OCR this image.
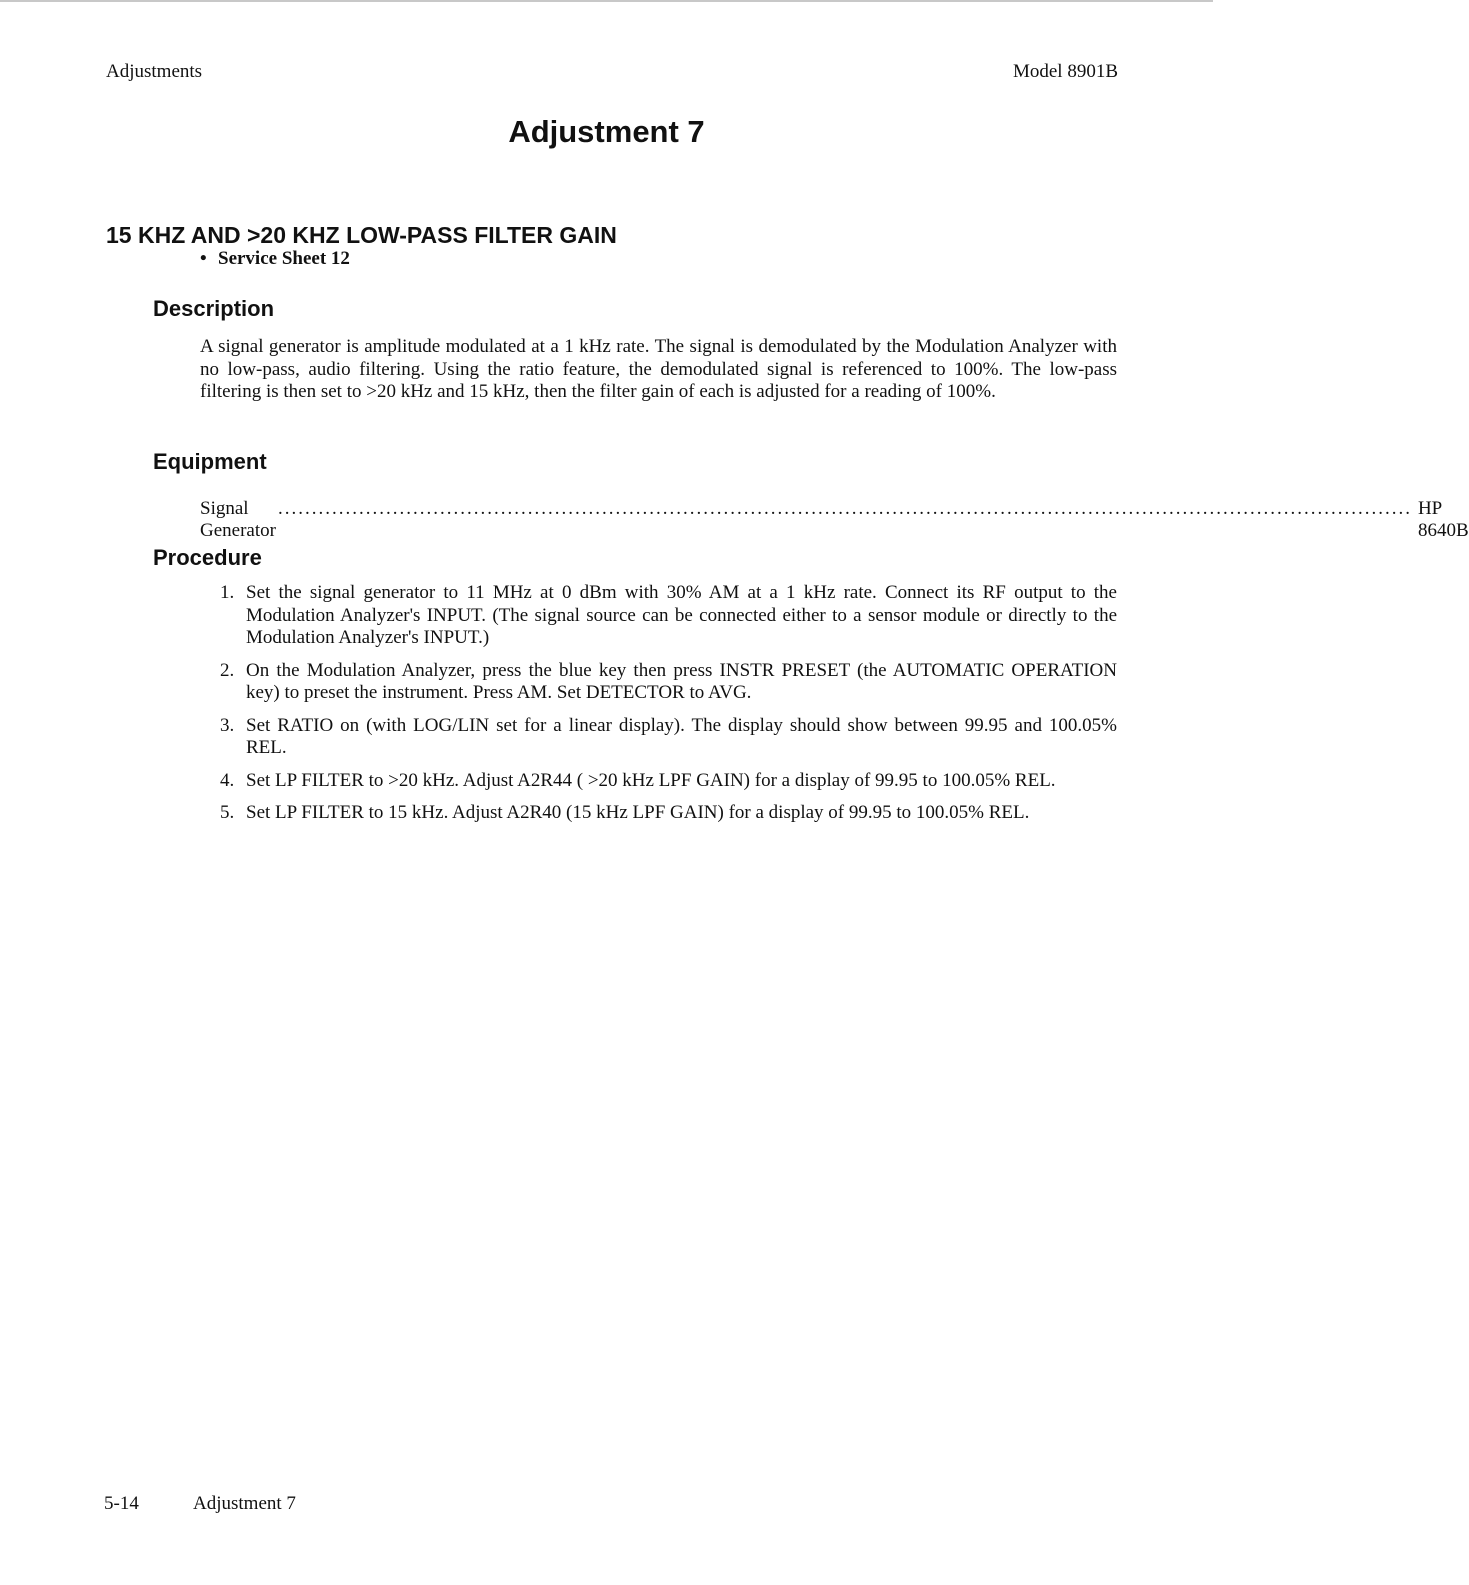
Adjustments	Model 8901B
Adjustment 7
15 KHZ AND >20 KHZ LOW-PASS FILTER GAIN
• Service Sheet 12
Description

A signal generator is amplitude modulated at a 1 kHz rate. The signal is demodulated by the Modulation Analyzer with no low-pass, audio filtering. Using the ratio feature, the demodulated signal is referenced to 100%. The low-pass filtering is then set to >20 kHz and 15 kHz, then the filter gain of each is adjusted for a reading of 100%.

Equipment
Signal Generator
........................................................................................................................................................................ HP 8640B
Procedure
1. Set the signal generator to 11 MHz at 0 dBm with 30% AM at a 1 kHz rate. Connect its RF output to the Modulation Analyzer's INPUT. (The signal source can be connected either to a sensor module or directly to the Modulation Analyzer's INPUT.)
2. On the Modulation Analyzer, press the blue key then press INSTR PRESET (the AUTOMATIC OPERATION key) to preset the instrument. Press AM. Set DETECTOR to AVG.
3. Set RATIO on (with LOG/LIN set for a linear display). The display should show between 99.95 and 100.05% REL.
4. Set LP FILTER to >20 kHz. Adjust A2R44 ( >20 kHz LPF GAIN) for a display of 99.95 to 100.05% REL.
5. Set LP FILTER to 15 kHz. Adjust A2R40 (15 kHz LPF GAIN) for a display of 99.95 to 100.05% REL.
5-14	Adjustment 7
